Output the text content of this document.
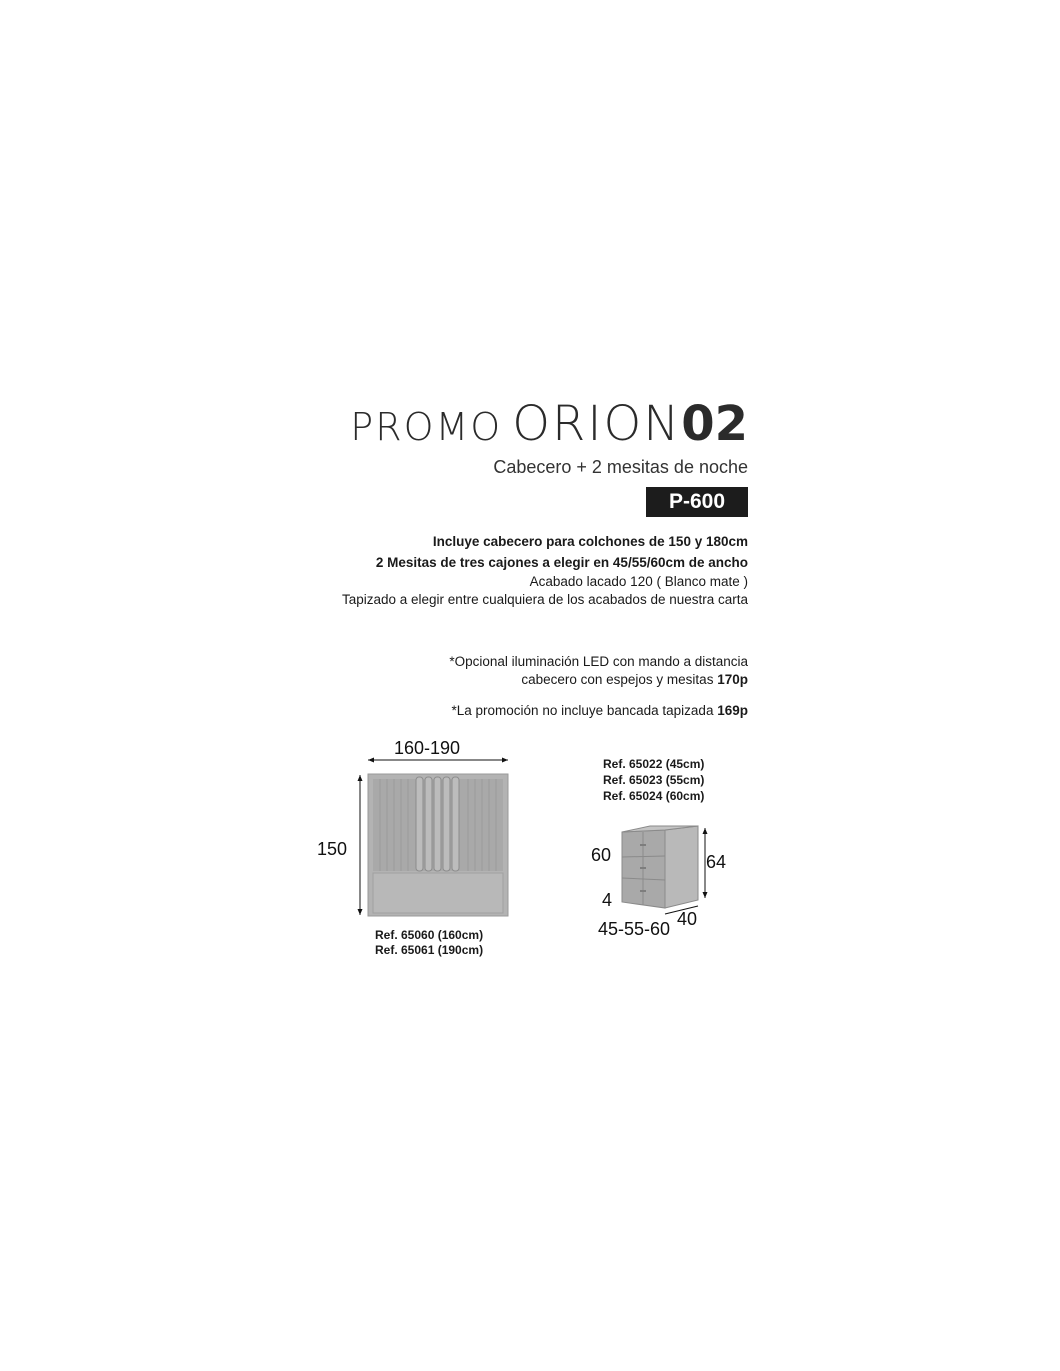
PROMO ORION02
Cabecero + 2 mesitas de noche
P-600
Incluye cabecero para colchones de 150 y 180cm
2 Mesitas de tres cajones a elegir en 45/55/60cm de ancho
Acabado lacado 120 ( Blanco mate )
Tapizado a elegir entre cualquiera de los acabados de nuestra carta
*Opcional iluminación LED con mando a distancia
cabecero con espejos y mesitas 170p
*La promoción no incluye bancada tapizada 169p
160-190
150
Ref. 65060 (160cm)
Ref. 65061 (190cm)
Ref. 65022 (45cm)
Ref. 65023 (55cm)
Ref. 65024 (60cm)
60	64
4
45-55-60 40
